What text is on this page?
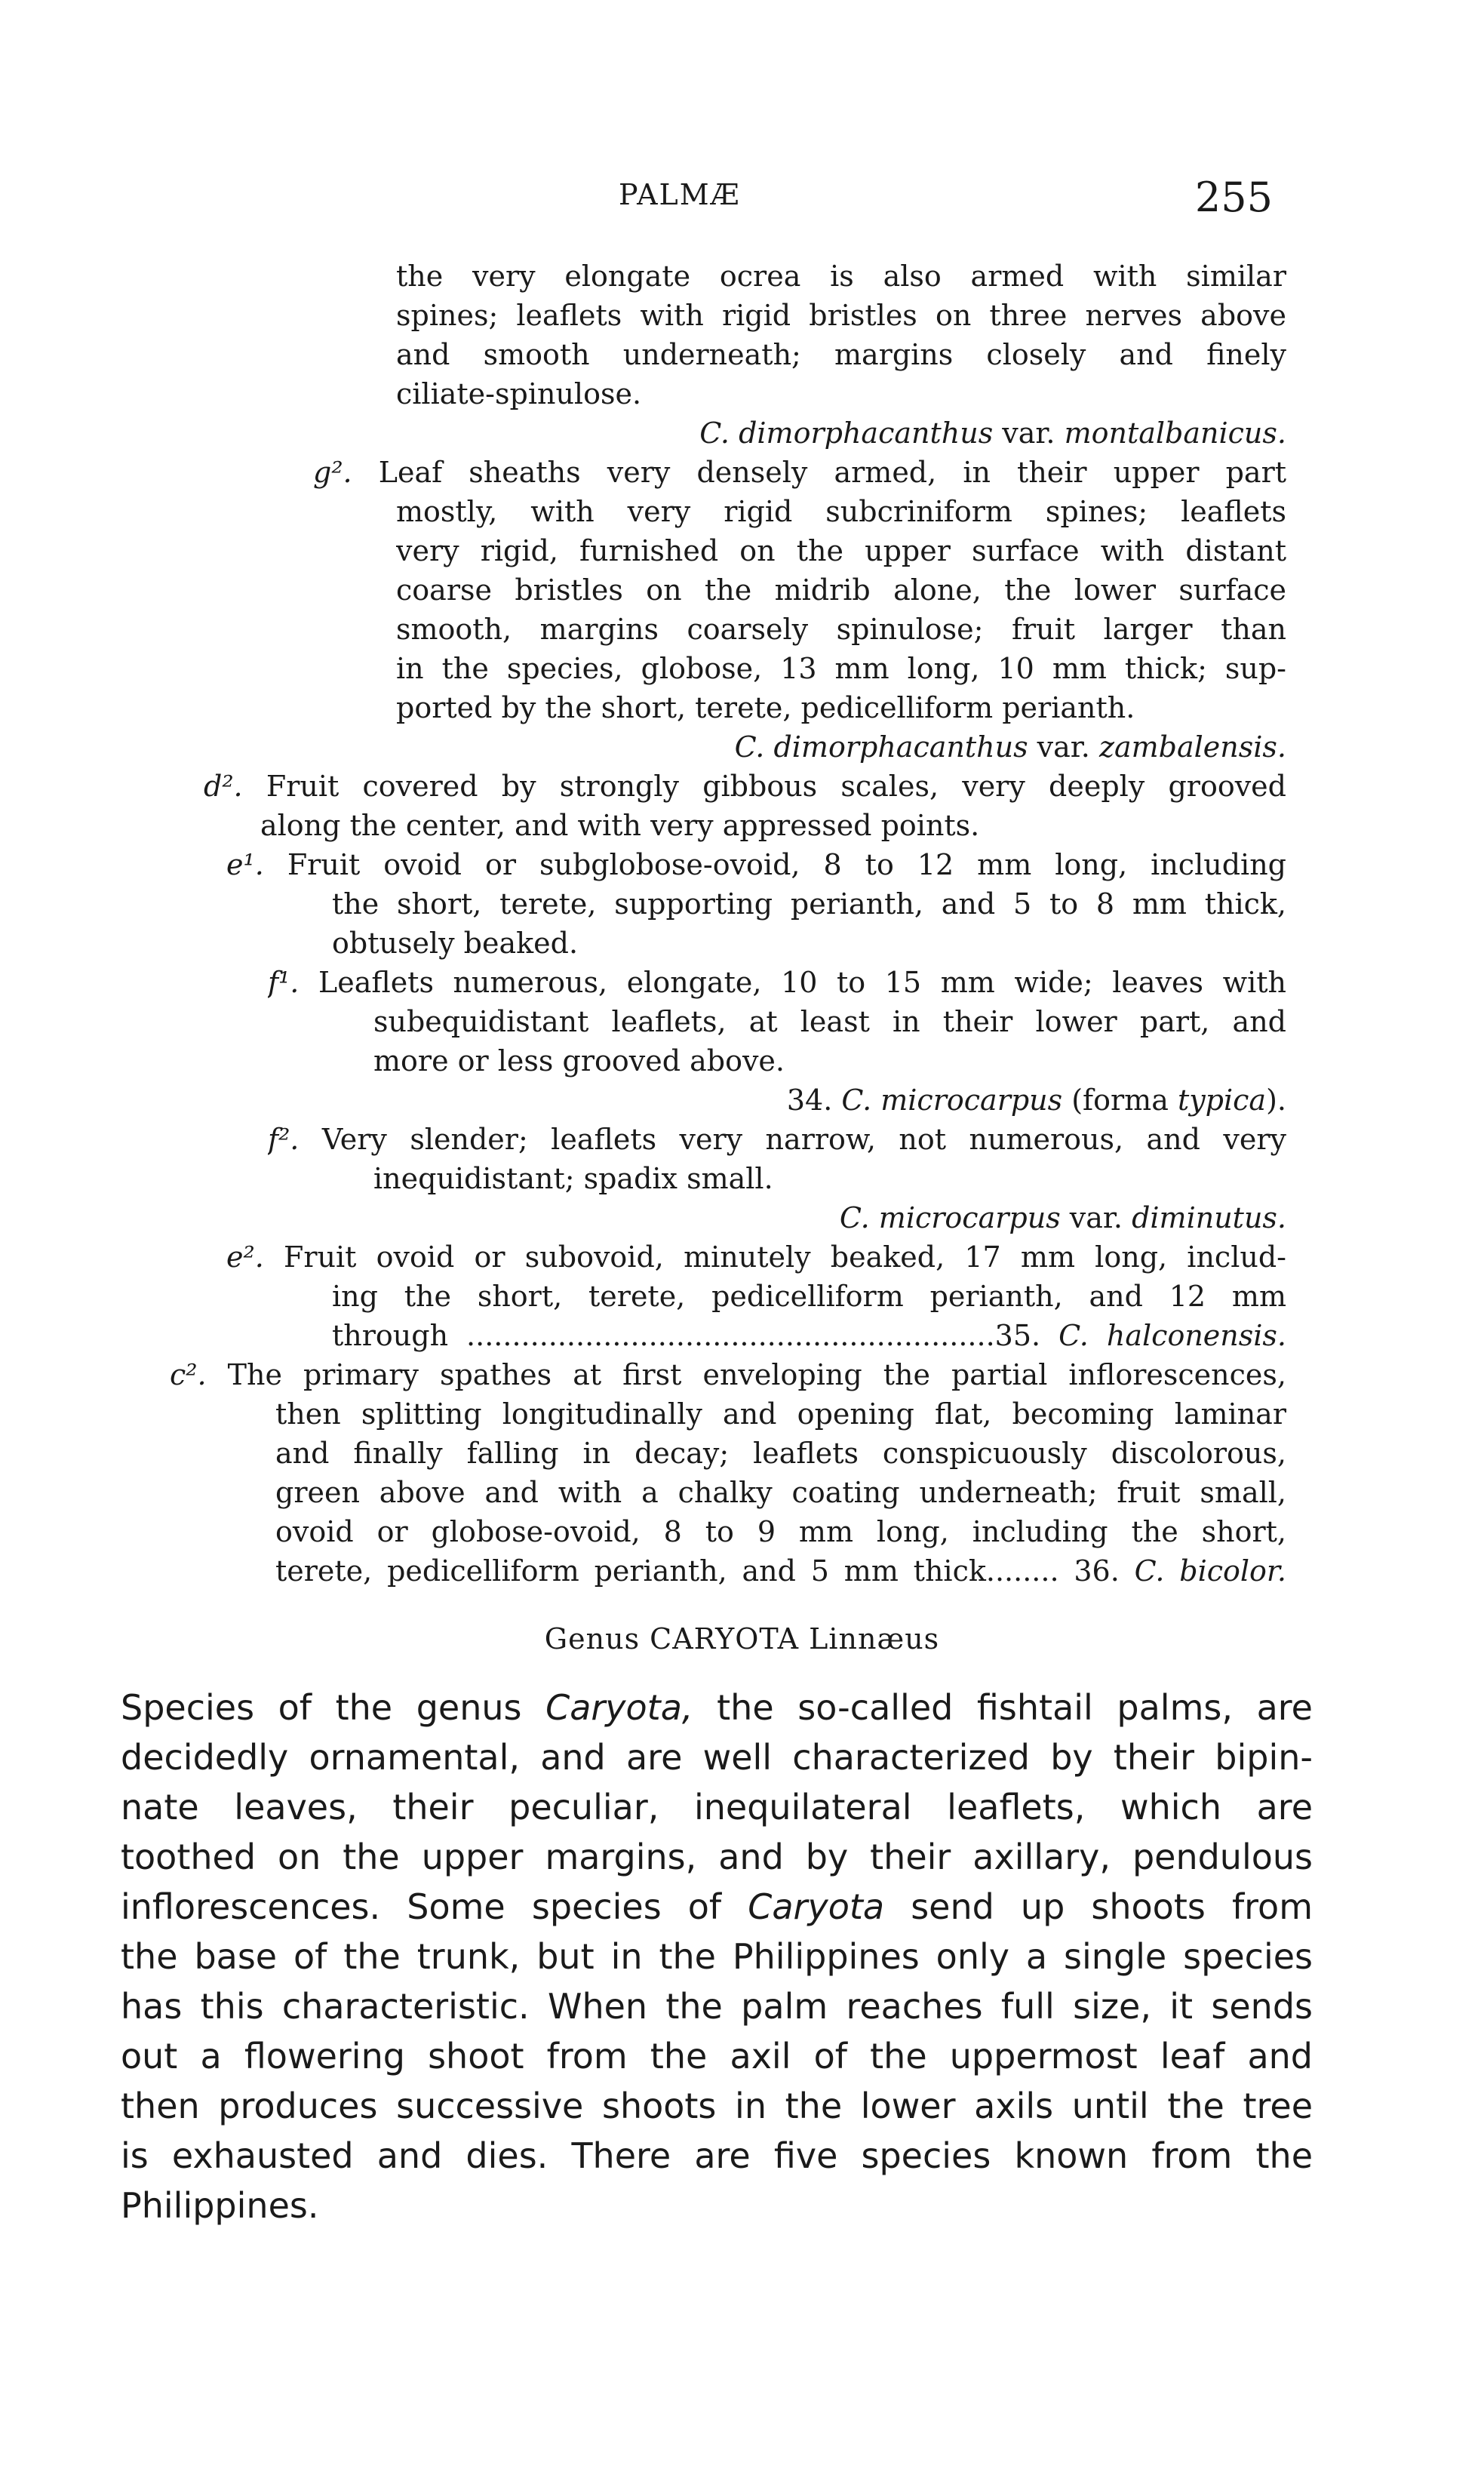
PALMÆ	255
the very elongate ocrea is also armed with similar
spines; leaflets with rigid bristles on three nerves above
and smooth underneath; margins closely and finely
ciliate-spinulose.
C. dimorphacanthus var. montalbanicus.
g². Leaf sheaths very densely armed, in their upper part
mostly, with very rigid subcriniform spines; leaflets
very rigid, furnished on the upper surface with distant
coarse bristles on the midrib alone, the lower surface
smooth, margins coarsely spinulose; fruit larger than
in the species, globose, 13 mm long, 10 mm thick; sup-
ported by the short, terete, pedicelliform perianth.
C. dimorphacanthus var. zambalensis.
d². Fruit covered by strongly gibbous scales, very deeply grooved
along the center, and with very appressed points.
e¹. Fruit ovoid or subglobose-ovoid, 8 to 12 mm long, including
the short, terete, supporting perianth, and 5 to 8 mm thick,
obtusely beaked.
f¹. Leaflets numerous, elongate, 10 to 15 mm wide; leaves with
subequidistant leaflets, at least in their lower part, and
more or less grooved above.
34. C. microcarpus (forma typica).
f². Very slender; leaflets very narrow, not numerous, and very
inequidistant; spadix small.
C. microcarpus var. diminutus.
e². Fruit ovoid or subovoid, minutely beaked, 17 mm long, includ-
ing the short, terete, pedicelliform perianth, and 12 mm
through ..........................................................35. C. halconensis.
c². The primary spathes at first enveloping the partial inflorescences,
then splitting longitudinally and opening flat, becoming laminar
and finally falling in decay; leaflets conspicuously discolorous,
green above and with a chalky coating underneath; fruit small,
ovoid or globose-ovoid, 8 to 9 mm long, including the short,
terete, pedicelliform perianth, and 5 mm thick........ 36. C. bicolor.
Genus CARYOTA Linnæus
Species of the genus Caryota, the so-called fishtail palms, are
decidedly ornamental, and are well characterized by their bipin-
nate leaves, their peculiar, inequilateral leaflets, which are
toothed on the upper margins, and by their axillary, pendulous
inflorescences. Some species of Caryota send up shoots from
the base of the trunk, but in the Philippines only a single species
has this characteristic. When the palm reaches full size, it sends
out a flowering shoot from the axil of the uppermost leaf and
then produces successive shoots in the lower axils until the tree
is exhausted and dies. There are five species known from the
Philippines.
